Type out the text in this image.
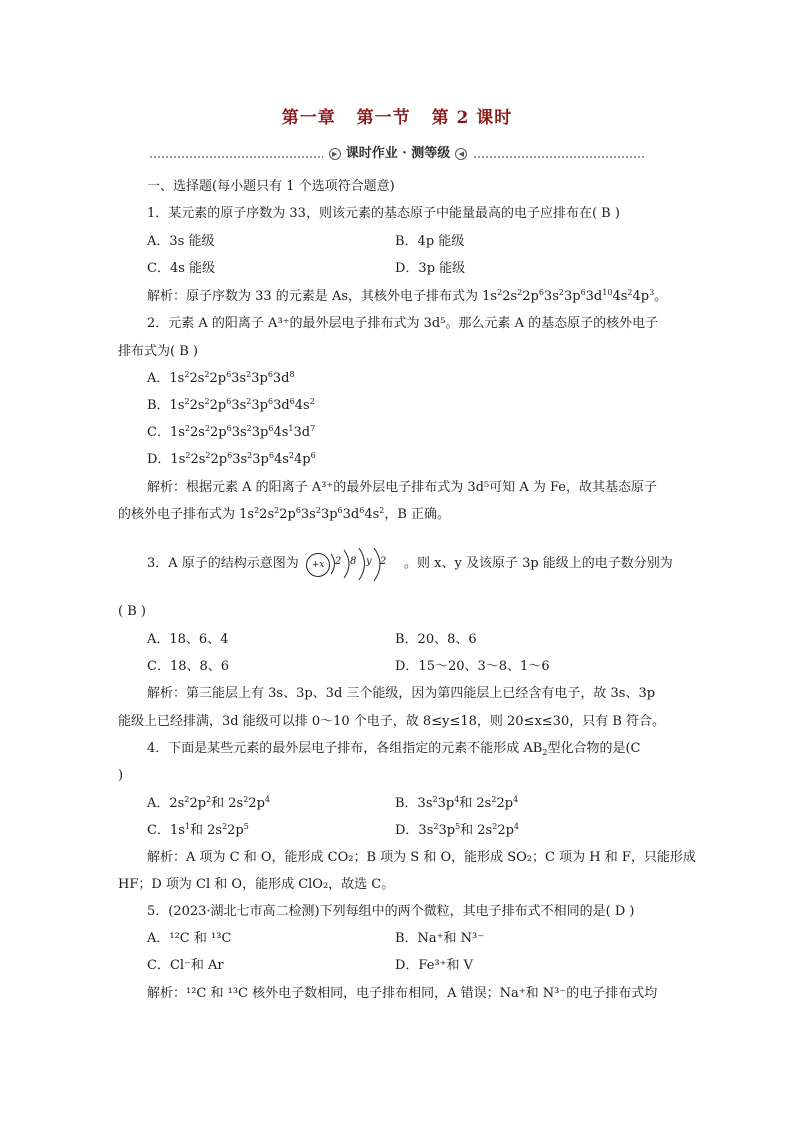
第一章 第一节 第 2 课时
▶ 课时作业 · 测等级 ◀
一、选择题(每小题只有 1 个选项符合题意)
1．某元素的原子序数为 33，则该元素的基态原子中能量最高的电子应排布在( B )
A．3s 能级	B．4p 能级
C．4s 能级	D．3p 能级
解析：原子序数为 33 的元素是 As，其核外电子排布式为 $1s^22s^22p^63s^23p^63d^{10}4s^24p^3$。
2．元素 A 的阳离子 A³⁺的最外层电子排布式为 3d⁵。那么元素 A 的基态原子的核外电子
排布式为( B )
A．$1s^22s^22p^63s^23p^63d^8$
B．$1s^22s^22p^63s^23p^63d^64s^2$
C．$1s^22s^22p^63s^23p^64s^13d^7$
D．$1s^22s^22p^63s^23p^64s^24p^6$
解析：根据元素 A 的阳离子 A³⁺的最外层电子排布式为 3d⁵可知 A 为 Fe，故其基态原子
的核外电子排布式为 $1s^22s^22p^63s^23p^63d^64s^2$，B 正确。
3．A 原子的结构示意图为	+x	2 8 y 2 。则 x、y 及该原子 3p 能级上的电子数分别为
( B )
A．18、6、4	B．20、8、6
C．18、8、6	D．15～20、3～8、1～6
解析：第三能层上有 3s、3p、3d 三个能级，因为第四能层上已经含有电子，故 3s、3p
能级上已经排满，3d 能级可以排 0～10 个电子，故 8≤y≤18，则 20≤x≤30，只有 B 符合。
4．下面是某些元素的最外层电子排布，各组指定的元素不能形成 $AB_2$型化合物的是(C
)
A．$2s^22p^2$和 $2s^22p^4$	B．$3s^23p^4$和 $2s^22p^4$
C．$1s^1$和 $2s^22p^5$	D．$3s^23p^5$和 $2s^22p^4$
解析：A 项为 C 和 O，能形成 CO₂；B 项为 S 和 O，能形成 SO₂；C 项为 H 和 F，只能形成
HF；D 项为 Cl 和 O，能形成 ClO₂，故选 C。
5．(2023·湖北七市高二检测)下列每组中的两个微粒，其电子排布式不相同的是( D )
A．¹²C 和 ¹³C	B．Na⁺和 N³⁻
C．Cl⁻和 Ar	D．Fe³⁺和 V
解析：¹²C 和 ¹³C 核外电子数相同，电子排布相同，A 错误；Na⁺和 N³⁻的电子排布式均
